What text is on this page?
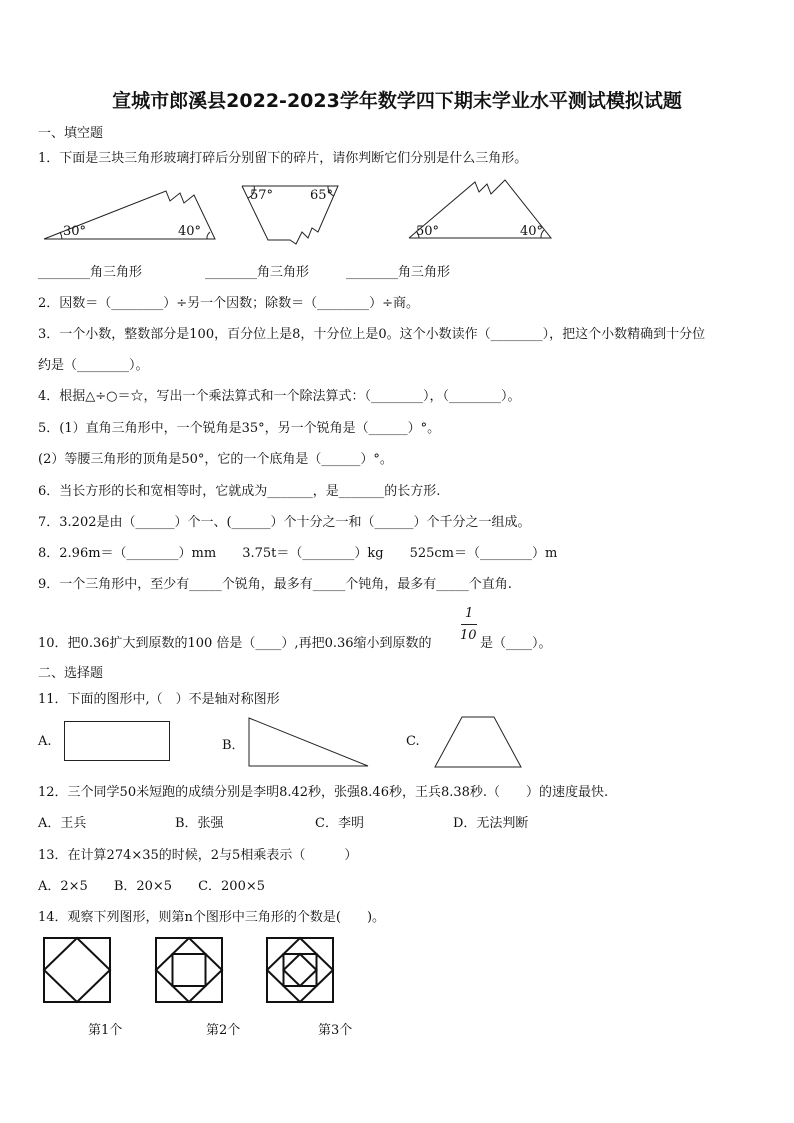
宣城市郎溪县2022-2023学年数学四下期末学业水平测试模拟试题
一、填空题
1．下面是三块三角形玻璃打碎后分别留下的碎片，请你判断它们分别是什么三角形。
30°	40°
57°	65°
50°	40°
________角三角形	________角三角形	________角三角形
2．因数＝（________）÷另一个因数；除数＝（________）÷商。
3．一个小数，整数部分是100，百分位上是8，十分位上是0。这个小数读作（________），把这个小数精确到十分位
约是（________）。
4．根据△÷○＝☆，写出一个乘法算式和一个除法算式：（________），（________）。
5．(1）直角三角形中，一个锐角是35°，另一个锐角是（______）°。
(2）等腰三角形的顶角是50°，它的一个底角是（______）°。
6．当长方形的长和宽相等时，它就成为_______，是_______的长方形.
7．3.202是由（______）个一、(______）个十分之一和（______）个千分之一组成。
8．2.96m＝（________）mm　　3.75t＝（________）kg　　525cm＝（________）m
9．一个三角形中，至少有_____个锐角，最多有_____个钝角，最多有_____个直角.
10．把0.36扩大到原数的100 倍是（____）,再把0.36缩小到原数的
1
10
是（____）。
二、选择题
11．下面的图形中,（　）不是轴对称图形
A.	B．	C.
12．三个同学50米短跑的成绩分别是李明8.42秒，张强8.46秒，王兵8.38秒.（　　）的速度最快.
A．王兵	B．张强	C．李明	D．无法判断
13．在计算274×35的时候，2与5相乘表示（　　　）
A．2×5　　B．20×5　　C．200×5
14．观察下列图形，则第n个图形中三角形的个数是(　　)。
第1个	第2个	第3个
